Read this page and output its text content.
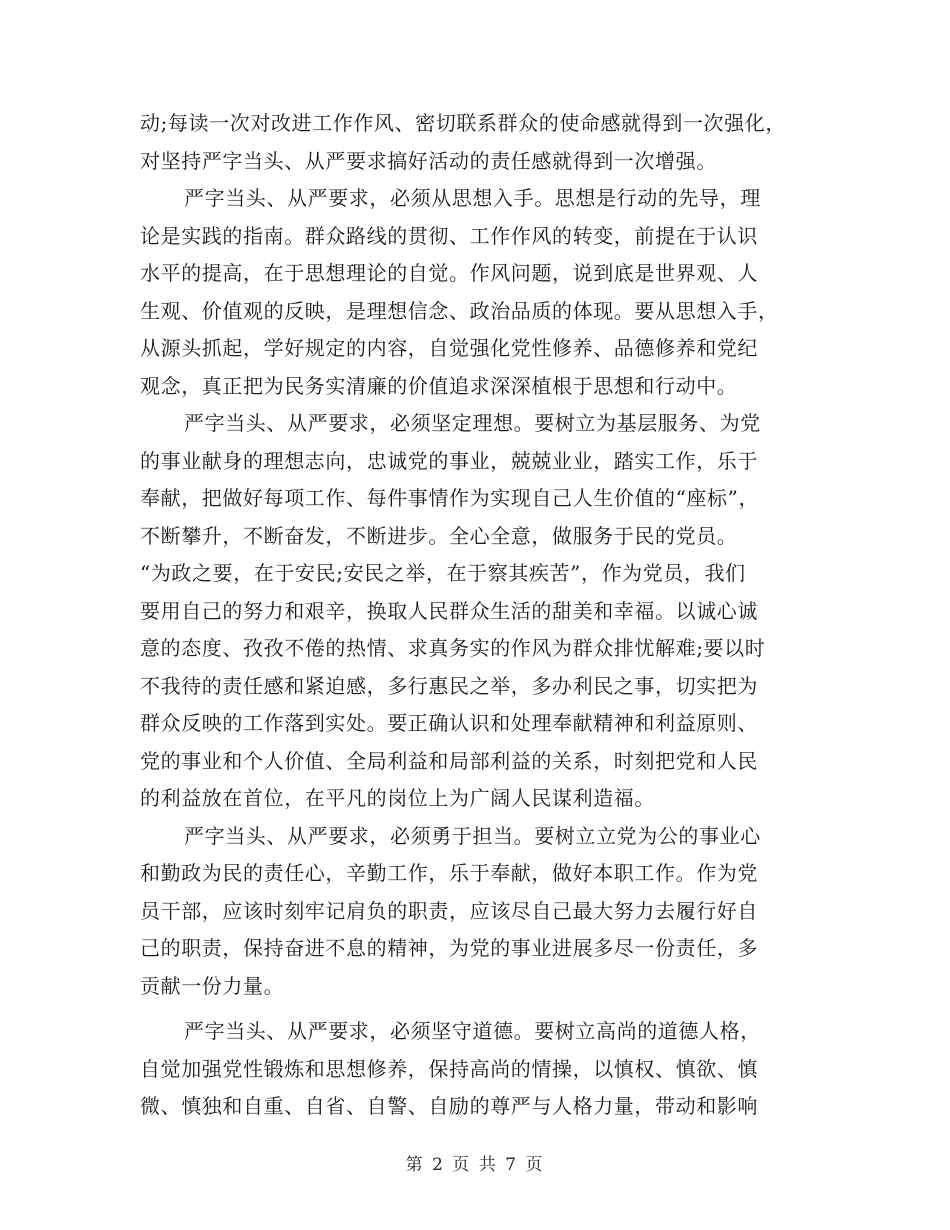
动;每读一次对改进工作作风、密切联系群众的使命感就得到一次强化，
对坚持严字当头、从严要求搞好活动的责任感就得到一次增强。
严字当头、从严要求，必须从思想入手。思想是行动的先导，理
论是实践的指南。群众路线的贯彻、工作作风的转变，前提在于认识
水平的提高，在于思想理论的自觉。作风问题，说到底是世界观、人
生观、价值观的反映，是理想信念、政治品质的体现。要从思想入手，
从源头抓起，学好规定的内容，自觉强化党性修养、品德修养和党纪
观念，真正把为民务实清廉的价值追求深深植根于思想和行动中。
严字当头、从严要求，必须坚定理想。要树立为基层服务、为党
的事业献身的理想志向，忠诚党的事业，兢兢业业，踏实工作，乐于
奉献，把做好每项工作、每件事情作为实现自己人生价值的“座标”，
不断攀升，不断奋发，不断进步。全心全意，做服务于民的党员。
“为政之要，在于安民;安民之举，在于察其疾苦”，作为党员，我们
要用自己的努力和艰辛，换取人民群众生活的甜美和幸福。以诚心诚
意的态度、孜孜不倦的热情、求真务实的作风为群众排忧解难;要以时
不我待的责任感和紧迫感，多行惠民之举，多办利民之事，切实把为
群众反映的工作落到实处。要正确认识和处理奉献精神和利益原则、
党的事业和个人价值、全局利益和局部利益的关系，时刻把党和人民
的利益放在首位，在平凡的岗位上为广阔人民谋利造福。
严字当头、从严要求，必须勇于担当。要树立立党为公的事业心
和勤政为民的责任心，辛勤工作，乐于奉献，做好本职工作。作为党
员干部，应该时刻牢记肩负的职责，应该尽自己最大努力去履行好自
己的职责，保持奋进不息的精神，为党的事业进展多尽一份责任，多
贡献一份力量。
严字当头、从严要求，必须坚守道德。要树立高尚的道德人格，
自觉加强党性锻炼和思想修养，保持高尚的情操，以慎权、慎欲、慎
微、慎独和自重、自省、自警、自励的尊严与人格力量，带动和影响
第 2 页 共 7 页
